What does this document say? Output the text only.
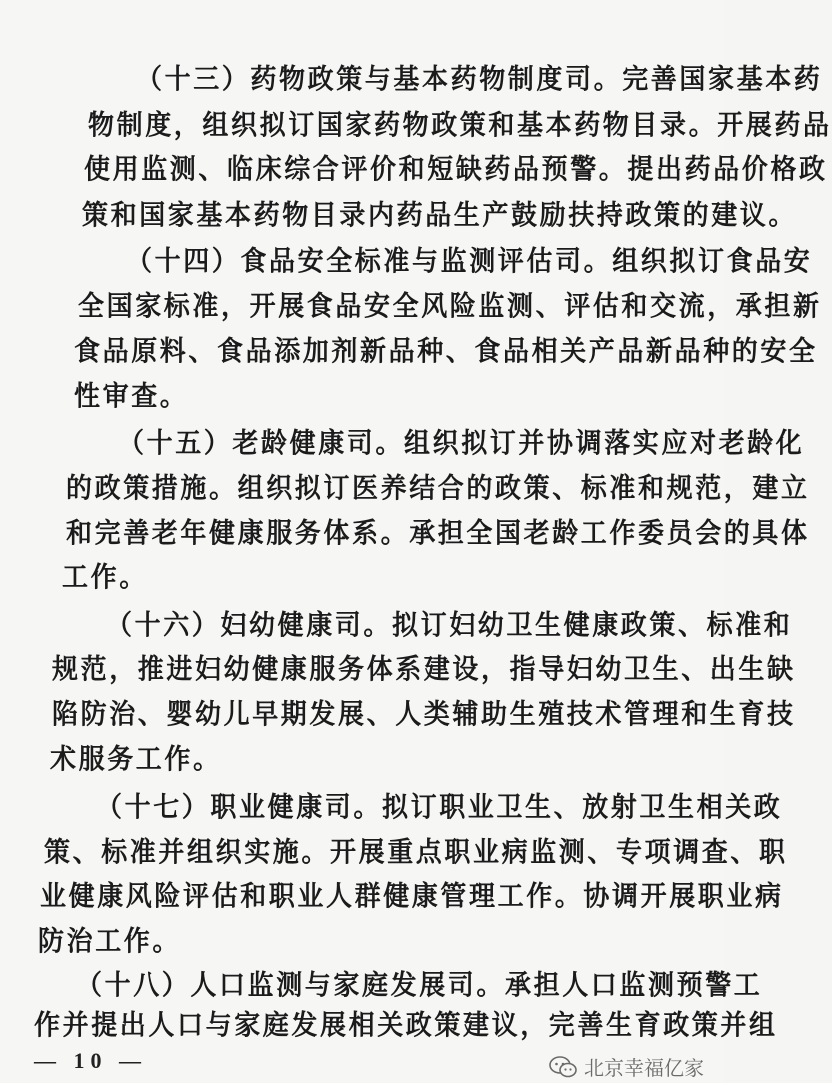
（十三）药物政策与基本药物制度司。完善国家基本药
物制度，组织拟订国家药物政策和基本药物目录。开展药品
使用监测、临床综合评价和短缺药品预警。提出药品价格政
策和国家基本药物目录内药品生产鼓励扶持政策的建议。
（十四）食品安全标准与监测评估司。组织拟订食品安
全国家标准，开展食品安全风险监测、评估和交流，承担新
食品原料、食品添加剂新品种、食品相关产品新品种的安全
性审查。
（十五）老龄健康司。组织拟订并协调落实应对老龄化
的政策措施。组织拟订医养结合的政策、标准和规范，建立
和完善老年健康服务体系。承担全国老龄工作委员会的具体
工作。
（十六）妇幼健康司。拟订妇幼卫生健康政策、标准和
规范，推进妇幼健康服务体系建设，指导妇幼卫生、出生缺
陷防治、婴幼儿早期发展、人类辅助生殖技术管理和生育技
术服务工作。
（十七）职业健康司。拟订职业卫生、放射卫生相关政
策、标准并组织实施。开展重点职业病监测、专项调查、职
业健康风险评估和职业人群健康管理工作。协调开展职业病
防治工作。
（十八）人口监测与家庭发展司。承担人口监测预警工
— 10 —	北京幸福亿家
作并提出人口与家庭发展相关政策建议，完善生育政策并组
